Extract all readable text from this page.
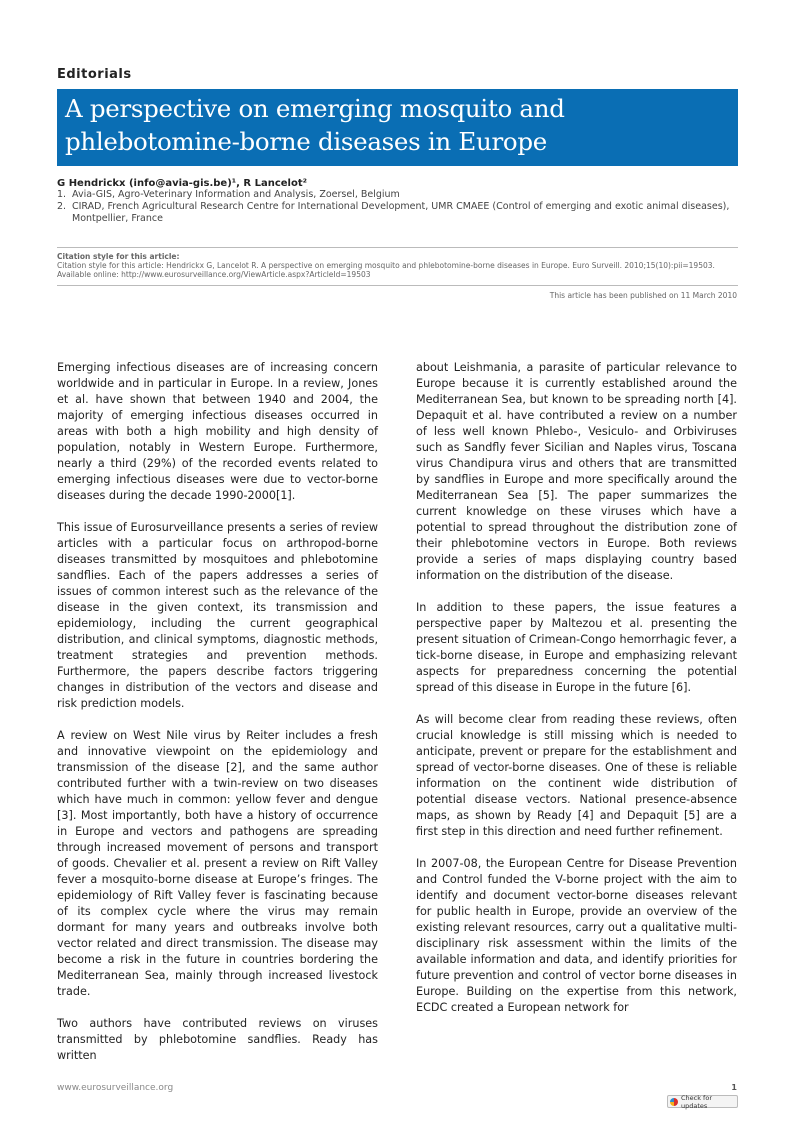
Editorials
A perspective on emerging mosquito and phlebotomine-borne diseases in Europe
G Hendrickx (info@avia-gis.be)¹, R Lancelot²
1. Avia-GIS, Agro-Veterinary Information and Analysis, Zoersel, Belgium
2. CIRAD, French Agricultural Research Centre for International Development, UMR CMAEE (Control of emerging and exotic animal diseases), Montpellier, France
Citation style for this article:
Citation style for this article: Hendrickx G, Lancelot R. A perspective on emerging mosquito and phlebotomine-borne diseases in Europe. Euro Surveill. 2010;15(10):pii=19503. Available online: http://www.eurosurveillance.org/ViewArticle.aspx?ArticleId=19503
This article has been published on 11 March 2010

Emerging infectious diseases are of increasing concern worldwide and in particular in Europe. In a review, Jones et al. have shown that between 1940 and 2004, the majority of emerging infectious diseases occurred in areas with both a high mobility and high density of population, notably in Western Europe. Furthermore, nearly a third (29%) of the recorded events related to emerging infectious diseases were due to vector-borne diseases during the decade 1990-2000[1].

This issue of Eurosurveillance presents a series of review articles with a particular focus on arthropod-borne diseases transmitted by mosquitoes and phlebotomine sandflies. Each of the papers addresses a series of issues of common interest such as the relevance of the disease in the given context, its transmission and epidemiology, including the current geographical distribution, and clinical symptoms, diagnostic methods, treatment strategies and prevention methods. Furthermore, the papers describe factors triggering changes in distribution of the vectors and disease and risk prediction models.

A review on West Nile virus by Reiter includes a fresh and innovative viewpoint on the epidemiology and transmission of the disease [2], and the same author contributed further with a twin-review on two diseases which have much in common: yellow fever and dengue [3]. Most importantly, both have a history of occurrence in Europe and vectors and pathogens are spreading through increased movement of persons and transport of goods. Chevalier et al. present a review on Rift Valley fever a mosquito-borne disease at Europe’s fringes. The epidemiology of Rift Valley fever is fascinating because of its complex cycle where the virus may remain dormant for many years and outbreaks involve both vector related and direct transmission. The disease may become a risk in the future in countries bordering the Mediterranean Sea, mainly through increased livestock trade.

Two authors have contributed reviews on viruses transmitted by phlebotomine sandflies. Ready has written

about Leishmania, a parasite of particular relevance to Europe because it is currently established around the Mediterranean Sea, but known to be spreading north [4]. Depaquit et al. have contributed a review on a number of less well known Phlebo-, Vesiculo- and Orbiviruses such as Sandfly fever Sicilian and Naples virus, Toscana virus Chandipura virus and others that are transmitted by sandflies in Europe and more specifically around the Mediterranean Sea [5]. The paper summarizes the current knowledge on these viruses which have a potential to spread throughout the distribution zone of their phlebotomine vectors in Europe. Both reviews provide a series of maps displaying country based information on the distribution of the disease.

In addition to these papers, the issue features a perspective paper by Maltezou et al. presenting the present situation of Crimean-Congo hemorrhagic fever, a tick-borne disease, in Europe and emphasizing relevant aspects for preparedness concerning the potential spread of this disease in Europe in the future [6].

As will become clear from reading these reviews, often crucial knowledge is still missing which is needed to anticipate, prevent or prepare for the establishment and spread of vector-borne diseases. One of these is reliable information on the continent wide distribution of potential disease vectors. National presence-absence maps, as shown by Ready [4] and Depaquit [5] are a first step in this direction and need further refinement.

In 2007-08, the European Centre for Disease Prevention and Control funded the V-borne project with the aim to identify and document vector-borne diseases relevant for public health in Europe, provide an overview of the existing relevant resources, carry out a qualitative multi-disciplinary risk assessment within the limits of the available information and data, and identify priorities for future prevention and control of vector borne diseases in Europe. Building on the expertise from this network, ECDC created a European network for

www.eurosurveillance.org	1
Check for updates
